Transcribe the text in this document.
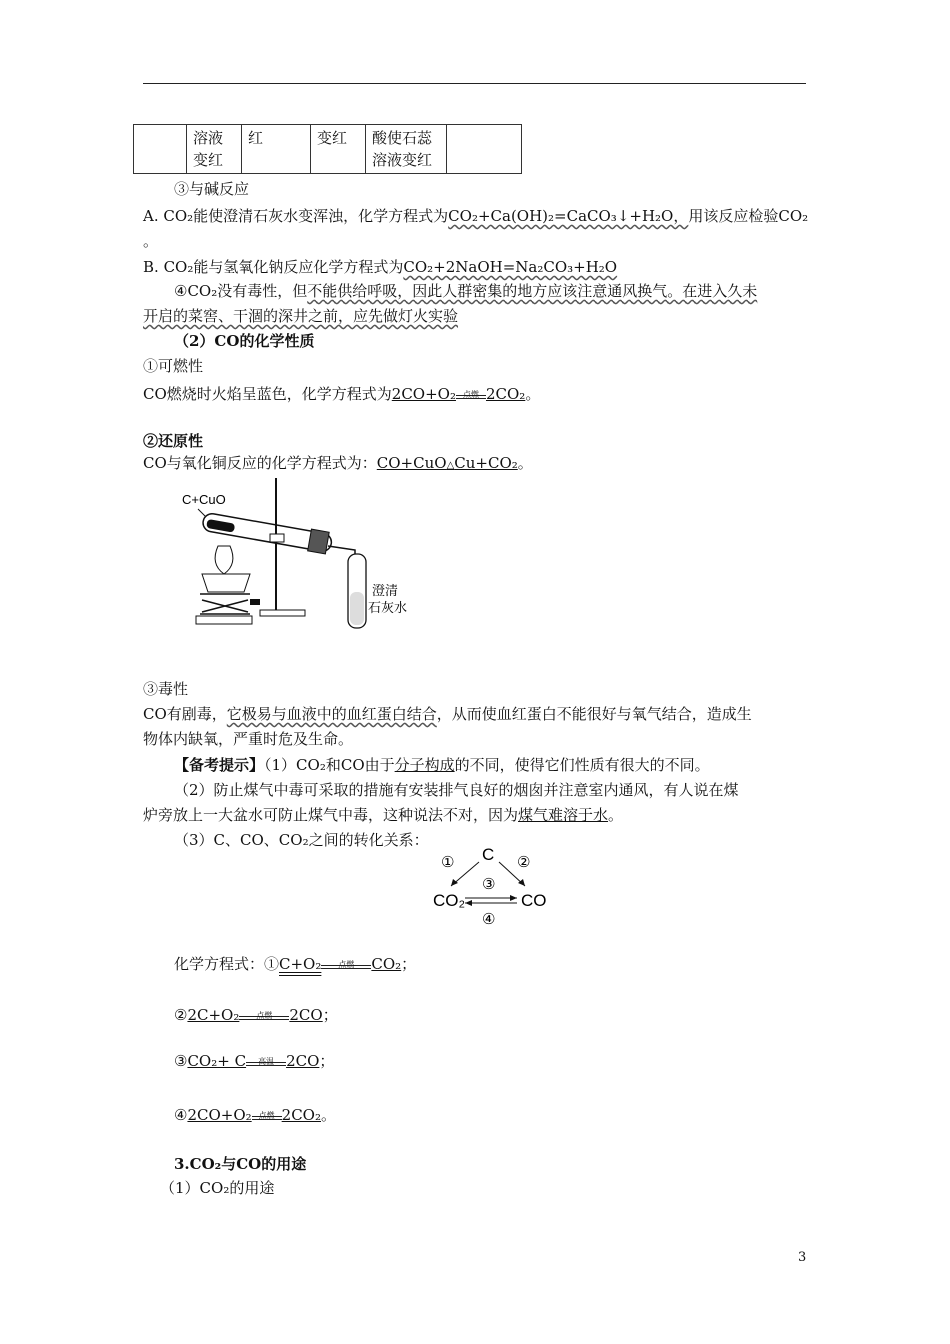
	溶液变红	红	变红	酸使石蕊溶液变红	
③与碱反应
A. CO₂能使澄清石灰水变浑浊，化学方程式为CO₂+Ca(OH)₂=CaCO₃↓+H₂O，用该反应检验CO₂
。
B. CO₂能与氢氧化钠反应化学方程式为CO₂+2NaOH=Na₂CO₃+H₂O
④CO₂没有毒性，但不能供给呼吸，因此人群密集的地方应该注意通风换气。在进入久未
开启的菜窖、干涸的深井之前，应先做灯火实验
（2）CO的化学性质
①可燃性
CO燃烧时火焰呈蓝色，化学方程式为2CO+O₂ 点燃 2CO₂。
②还原性
CO与氧化铜反应的化学方程式为：CO+CuO△Cu+CO₂。
C+CuO
澄清
石灰水
③毒性
CO有剧毒，它极易与血液中的血红蛋白结合，从而使血红蛋白不能很好与氧气结合，造成生
物体内缺氧，严重时危及生命。
【备考提示】（1）CO₂和CO由于分子构成的不同，使得它们性质有很大的不同。
（2）防止煤气中毒可采取的措施有安装排气良好的烟囱并注意室内通风，有人说在煤
炉旁放上一大盆水可防止煤气中毒，这种说法不对，因为煤气难溶于水。
（3）C、CO、CO₂之间的转化关系：
C
CO₂	CO
①	②
③
④
化学方程式：①C+O₂	点燃	CO₂；
②2C+O₂	点燃	2CO；
③CO₂+ C	高温 2CO；
④2CO+O₂ 点燃 2CO₂。
3.CO₂与CO的用途
（1）CO₂的用途
3
